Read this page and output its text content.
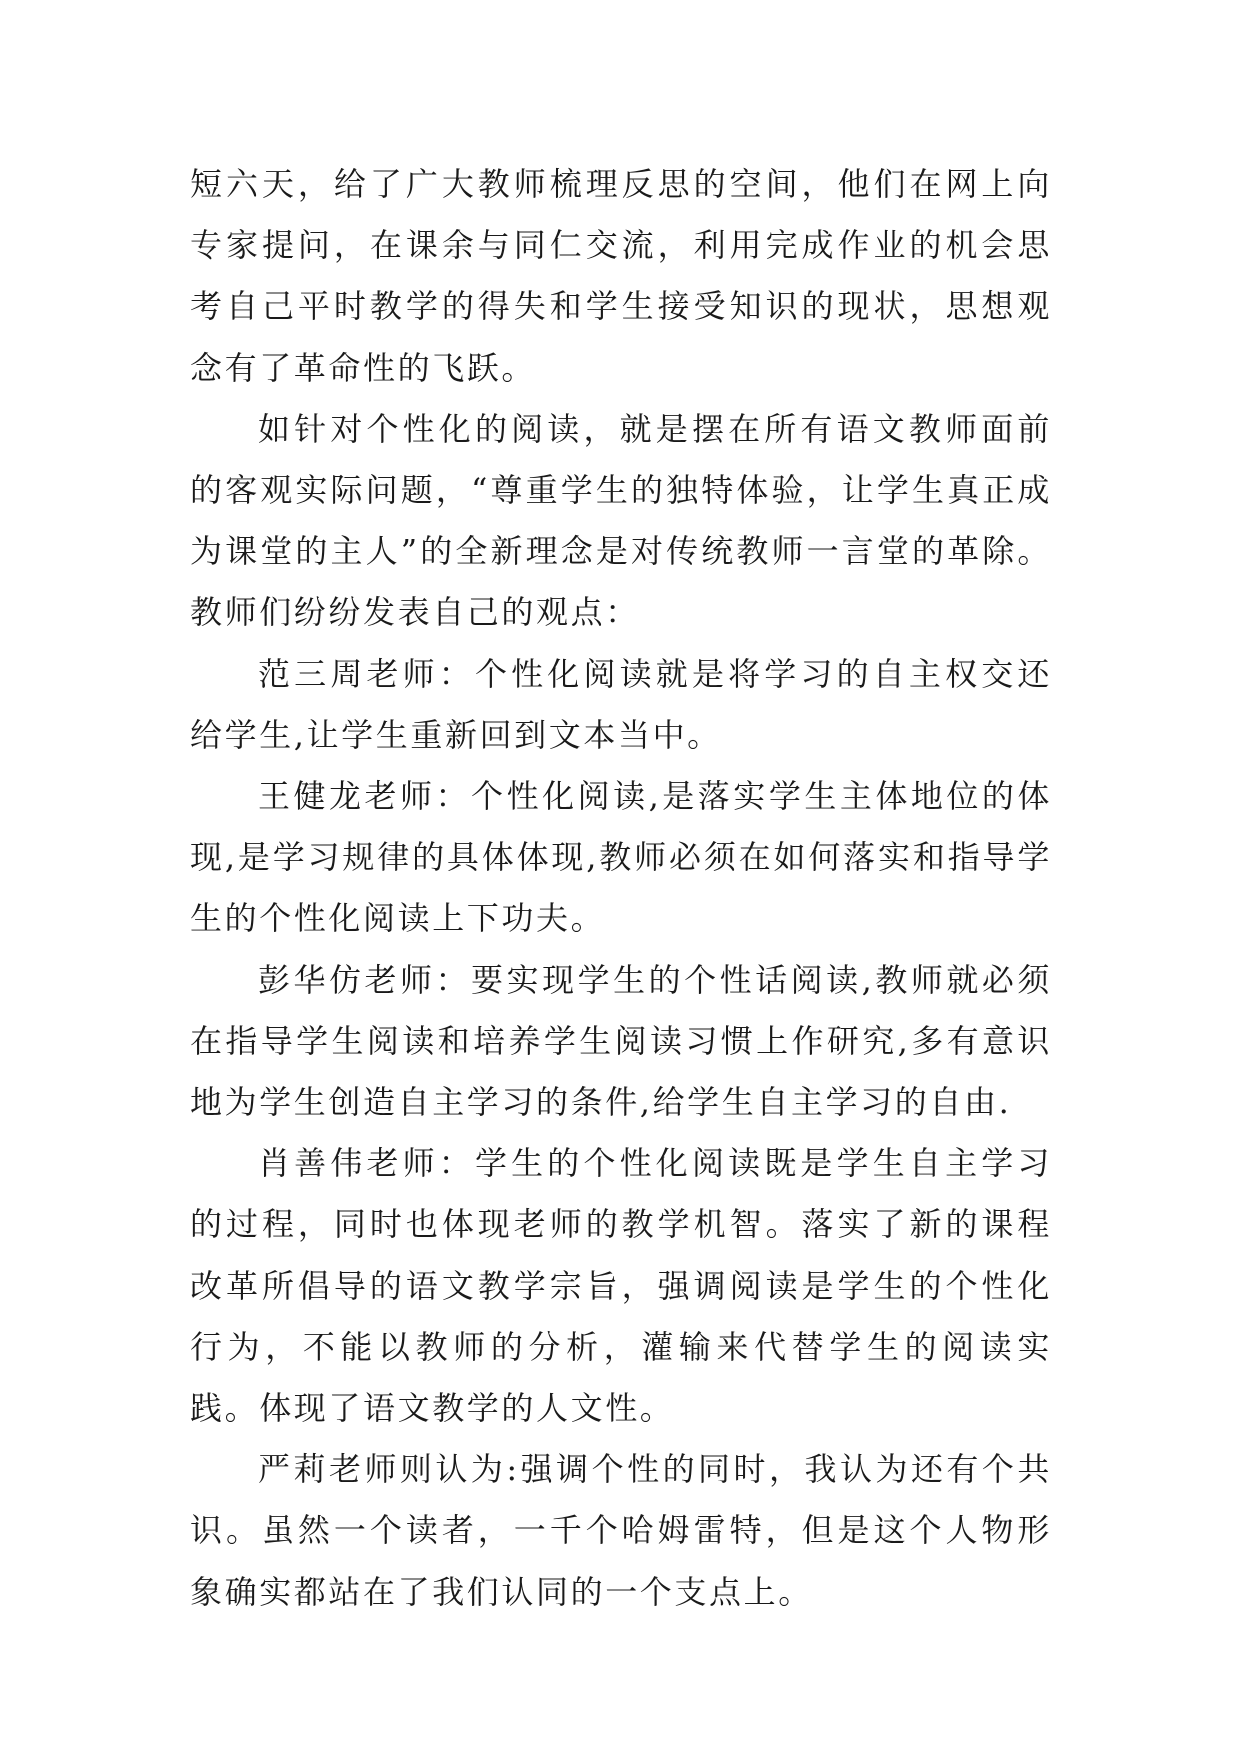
短六天，给了广大教师梳理反思的空间，他们在网上向专家提问，在课余与同仁交流，利用完成作业的机会思考自己平时教学的得失和学生接受知识的现状，思想观念有了革命性的飞跃。

如针对个性化的阅读，就是摆在所有语文教师面前的客观实际问题，“尊重学生的独特体验，让学生真正成为课堂的主人”的全新理念是对传统教师一言堂的革除。教师们纷纷发表自己的观点：

范三周老师：个性化阅读就是将学习的自主权交还给学生,让学生重新回到文本当中。

王健龙老师：个性化阅读,是落实学生主体地位的体现,是学习规律的具体体现,教师必须在如何落实和指导学生的个性化阅读上下功夫。

彭华仿老师：要实现学生的个性话阅读,教师就必须在指导学生阅读和培养学生阅读习惯上作研究,多有意识地为学生创造自主学习的条件,给学生自主学习的自由.

肖善伟老师：学生的个性化阅读既是学生自主学习的过程，同时也体现老师的教学机智。落实了新的课程改革所倡导的语文教学宗旨，强调阅读是学生的个性化行为，不能以教师的分析，灌输来代替学生的阅读实践。体现了语文教学的人文性。

严莉老师则认为:强调个性的同时，我认为还有个共识。虽然一个读者，一千个哈姆雷特，但是这个人物形象确实都站在了我们认同的一个支点上。
